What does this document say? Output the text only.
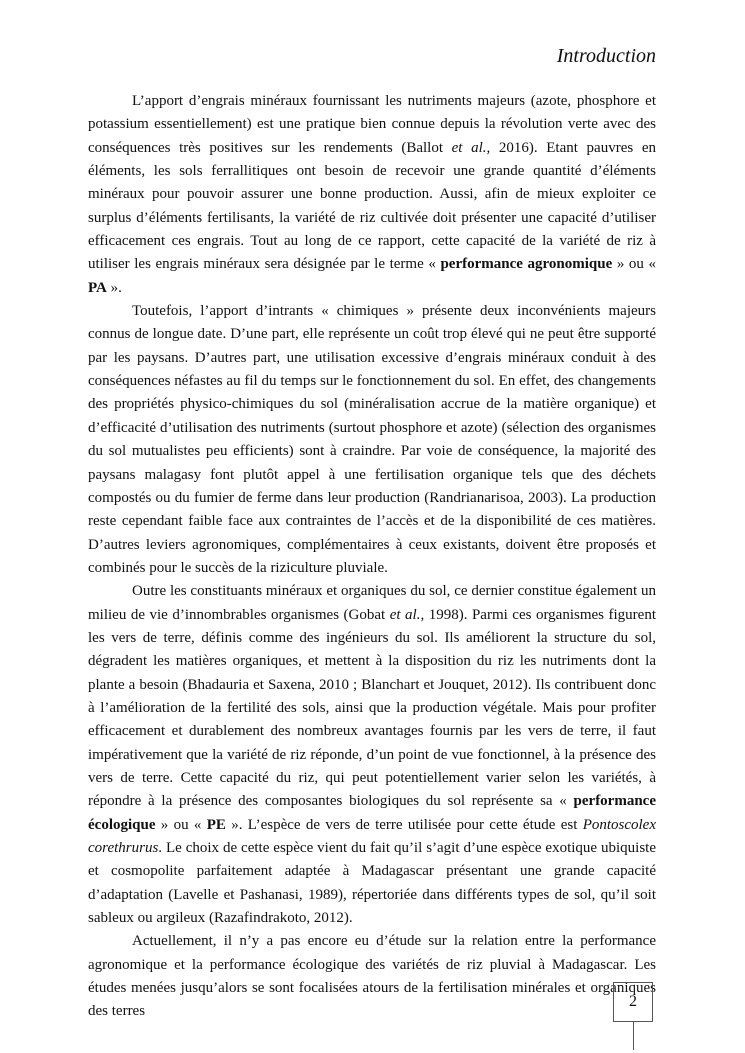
Introduction

L’apport d’engrais minéraux fournissant les nutriments majeurs (azote, phosphore et potassium essentiellement) est une pratique bien connue depuis la révolution verte avec des conséquences très positives sur les rendements (Ballot et al., 2016). Etant pauvres en éléments, les sols ferrallitiques ont besoin de recevoir une grande quantité d’éléments minéraux pour pouvoir assurer une bonne production. Aussi, afin de mieux exploiter ce surplus d’éléments fertilisants, la variété de riz cultivée doit présenter une capacité d’utiliser efficacement ces engrais. Tout au long de ce rapport, cette capacité de la variété de riz à utiliser les engrais minéraux sera désignée par le terme « performance agronomique » ou « PA ».

Toutefois, l’apport d’intrants « chimiques » présente deux inconvénients majeurs connus de longue date. D’une part, elle représente un coût trop élevé qui ne peut être supporté par les paysans. D’autres part, une utilisation excessive d’engrais minéraux conduit à des conséquences néfastes au fil du temps sur le fonctionnement du sol. En effet, des changements des propriétés physico-chimiques du sol (minéralisation accrue de la matière organique) et d’efficacité d’utilisation des nutriments (surtout phosphore et azote) (sélection des organismes du sol mutualistes peu efficients) sont à craindre. Par voie de conséquence, la majorité des paysans malagasy font plutôt appel à une fertilisation organique tels que des déchets compostés ou du fumier de ferme dans leur production (Randrianarisoa, 2003). La production reste cependant faible face aux contraintes de l’accès et de la disponibilité de ces matières. D’autres leviers agronomiques, complémentaires à ceux existants, doivent être proposés et combinés pour le succès de la riziculture pluviale.

Outre les constituants minéraux et organiques du sol, ce dernier constitue également un milieu de vie d’innombrables organismes (Gobat et al., 1998). Parmi ces organismes figurent les vers de terre, définis comme des ingénieurs du sol. Ils améliorent la structure du sol, dégradent les matières organiques, et mettent à la disposition du riz les nutriments dont la plante a besoin (Bhadauria et Saxena, 2010 ; Blanchart et Jouquet, 2012). Ils contribuent donc à l’amélioration de la fertilité des sols, ainsi que la production végétale. Mais pour profiter efficacement et durablement des nombreux avantages fournis par les vers de terre, il faut impérativement que la variété de riz réponde, d’un point de vue fonctionnel, à la présence des vers de terre. Cette capacité du riz, qui peut potentiellement varier selon les variétés, à répondre à la présence des composantes biologiques du sol représente sa « performance écologique » ou « PE ». L’espèce de vers de terre utilisée pour cette étude est Pontoscolex corethrurus. Le choix de cette espèce vient du fait qu’il s’agit d’une espèce exotique ubiquiste et cosmopolite parfaitement adaptée à Madagascar présentant une grande capacité d’adaptation (Lavelle et Pashanasi, 1989), répertoriée dans différents types de sol, qu’il soit sableux ou argileux (Razafindrakoto, 2012).

Actuellement, il n’y a pas encore eu d’étude sur la relation entre la performance agronomique et la performance écologique des variétés de riz pluvial à Madagascar. Les études menées jusqu’alors se sont focalisées atours de la fertilisation minérales et organiques des terres

2
